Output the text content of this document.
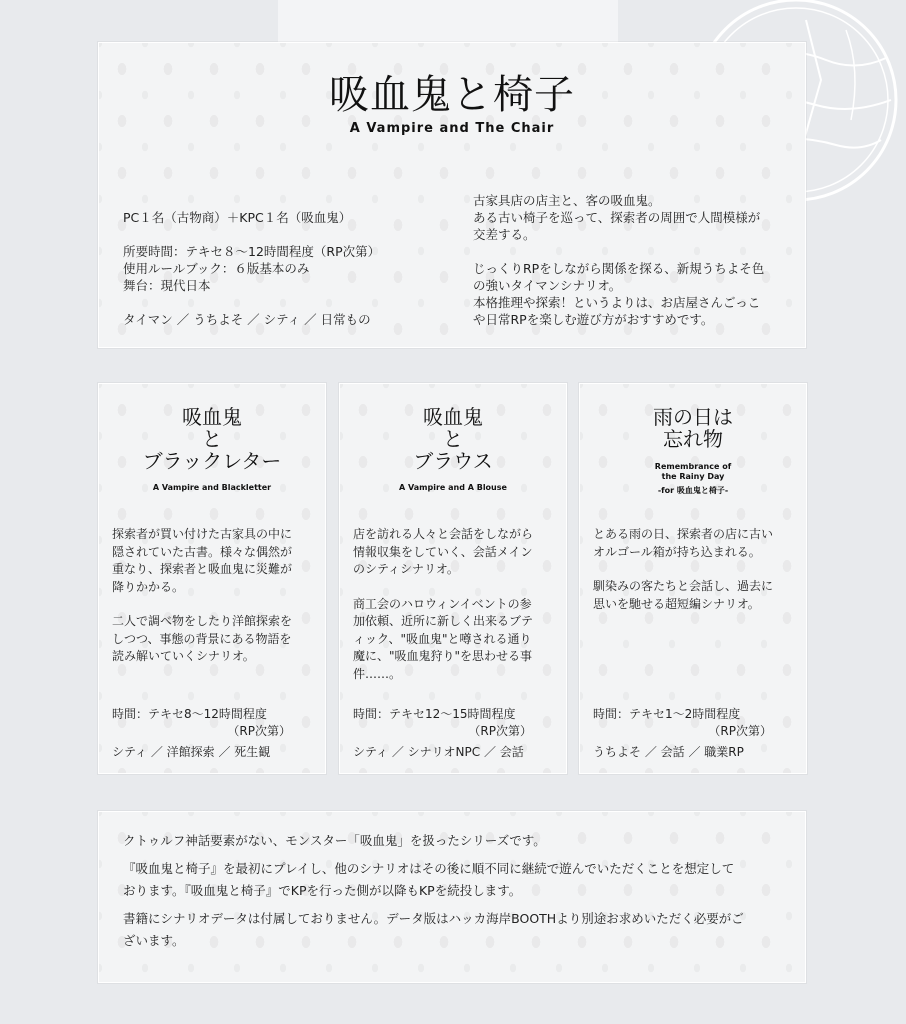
吸血鬼と椅子
A Vampire and The Chair
PC１名（古物商）＋KPC１名（吸血鬼）
所要時間：テキセ８〜12時間程度（RP次第）
使用ルールブック：６版基本のみ
舞台：現代日本
タイマン ／ うちよそ ／ シティ ／ 日常もの
古家具店の店主と、客の吸血鬼。
ある古い椅子を巡って、探索者の周囲で人間模様が
交差する。
じっくりRPをしながら関係を探る、新規うちよそ色
の強いタイマンシナリオ。
本格推理や探索！というよりは、お店屋さんごっこ
や日常RPを楽しむ遊び方がおすすめです。
吸血鬼
と
ブラックレター
A Vampire and Blackletter
探索者が買い付けた古家具の中に
隠されていた古書。様々な偶然が
重なり、探索者と吸血鬼に災難が
降りかかる。
二人で調べ物をしたり洋館探索を
しつつ、事態の背景にある物語を
読み解いていくシナリオ。
時間：テキセ8〜12時間程度
（RP次第）
シティ ／ 洋館探索 ／ 死生観
吸血鬼
と
ブラウス
A Vampire and A Blouse
店を訪れる人々と会話をしながら
情報収集をしていく、会話メイン
のシティシナリオ。
商工会のハロウィンイベントの参
加依頼、近所に新しく出来るブテ
ィック、"吸血鬼"と噂される通り
魔に、"吸血鬼狩り"を思わせる事
件……。
時間：テキセ12〜15時間程度
（RP次第）
シティ ／ シナリオNPC ／ 会話
雨の日は
忘れ物
Remembrance of
the Rainy Day
-for 吸血鬼と椅子-
とある雨の日、探索者の店に古い
オルゴール箱が持ち込まれる。
馴染みの客たちと会話し、過去に
思いを馳せる超短編シナリオ。
時間：テキセ1〜2時間程度
（RP次第）
うちよそ ／ 会話 ／ 職業RP

クトゥルフ神話要素がない、モンスター「吸血鬼」を扱ったシリーズです。

『吸血鬼と椅子』を最初にプレイし、他のシナリオはその後に順不同に継続で遊んでいただくことを想定して

おります。『吸血鬼と椅子』でKPを行った側が以降もKPを続投します。

書籍にシナリオデータは付属しておりません。データ版はハッカ海岸BOOTHより別途お求めいただく必要がご

ざいます。
